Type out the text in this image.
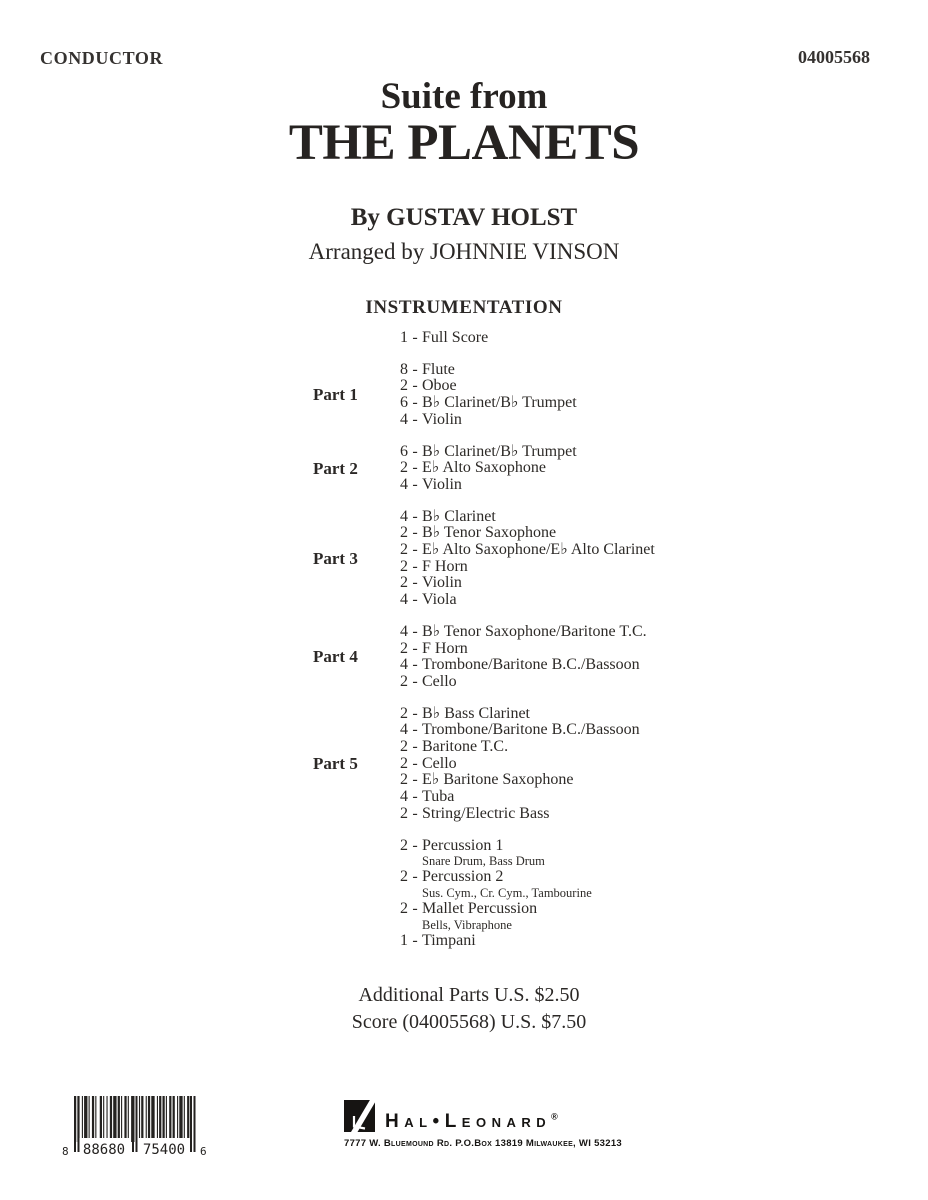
CONDUCTOR	04005568
Suite from
THE PLANETS
By GUSTAV HOLST
Arranged by JOHNNIE VINSON
INSTRUMENTATION
1 - Full Score
Part 1
8 - Flute
2 - Oboe
6 - B♭ Clarinet/B♭ Trumpet
4 - Violin
Part 2
6 - B♭ Clarinet/B♭ Trumpet
2 - E♭ Alto Saxophone
4 - Violin
Part 3
4 - B♭ Clarinet
2 - B♭ Tenor Saxophone
2 - E♭ Alto Saxophone/E♭ Alto Clarinet
2 - F Horn
2 - Violin
4 - Viola
Part 4
4 - B♭ Tenor Saxophone/Baritone T.C.
2 - F Horn
4 - Trombone/Baritone B.C./Bassoon
2 - Cello
Part 5
2 - B♭ Bass Clarinet
4 - Trombone/Baritone B.C./Bassoon
2 - Baritone T.C.
2 - Cello
2 - E♭ Baritone Saxophone
4 - Tuba
2 - String/Electric Bass
2 - Percussion 1
Snare Drum, Bass Drum
2 - Percussion 2
Sus. Cym., Cr. Cym., Tambourine
2 - Mallet Percussion
Bells, Vibraphone
1 - Timpani
Additional Parts U.S. $2.50
Score (04005568) U.S. $7.50
88680 75400
8	6
Hal•Leonard®
7777 W. Bluemound Rd. P.O.Box 13819 Milwaukee, WI 53213
